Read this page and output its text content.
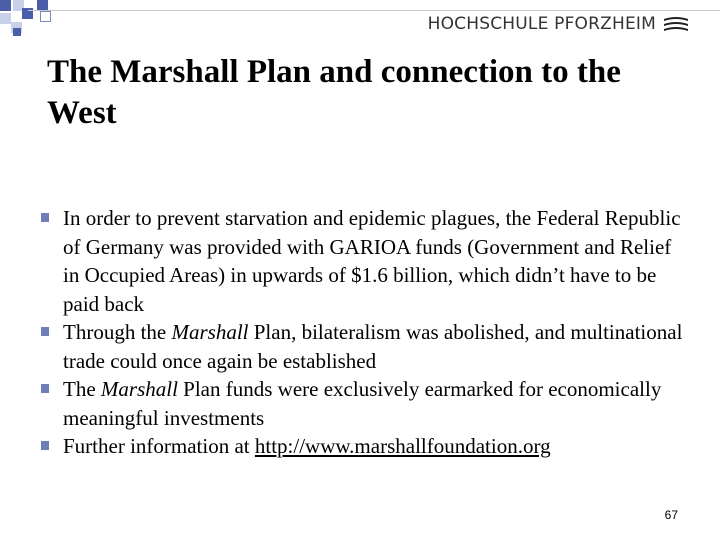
HOCHSCHULE PFORZHEIM
The Marshall Plan and connection to the
West
In order to prevent starvation and epidemic plagues, the Federal Republic of Germany was provided with GARIOA funds (Government and Relief in Occupied Areas) in upwards of $1.6 billion, which didn’t have to be paid back
Through the Marshall Plan, bilateralism was abolished, and multinational trade could once again be established
The Marshall Plan funds were exclusively earmarked for economically meaningful investments
Further information at http://www.marshallfoundation.org
67
